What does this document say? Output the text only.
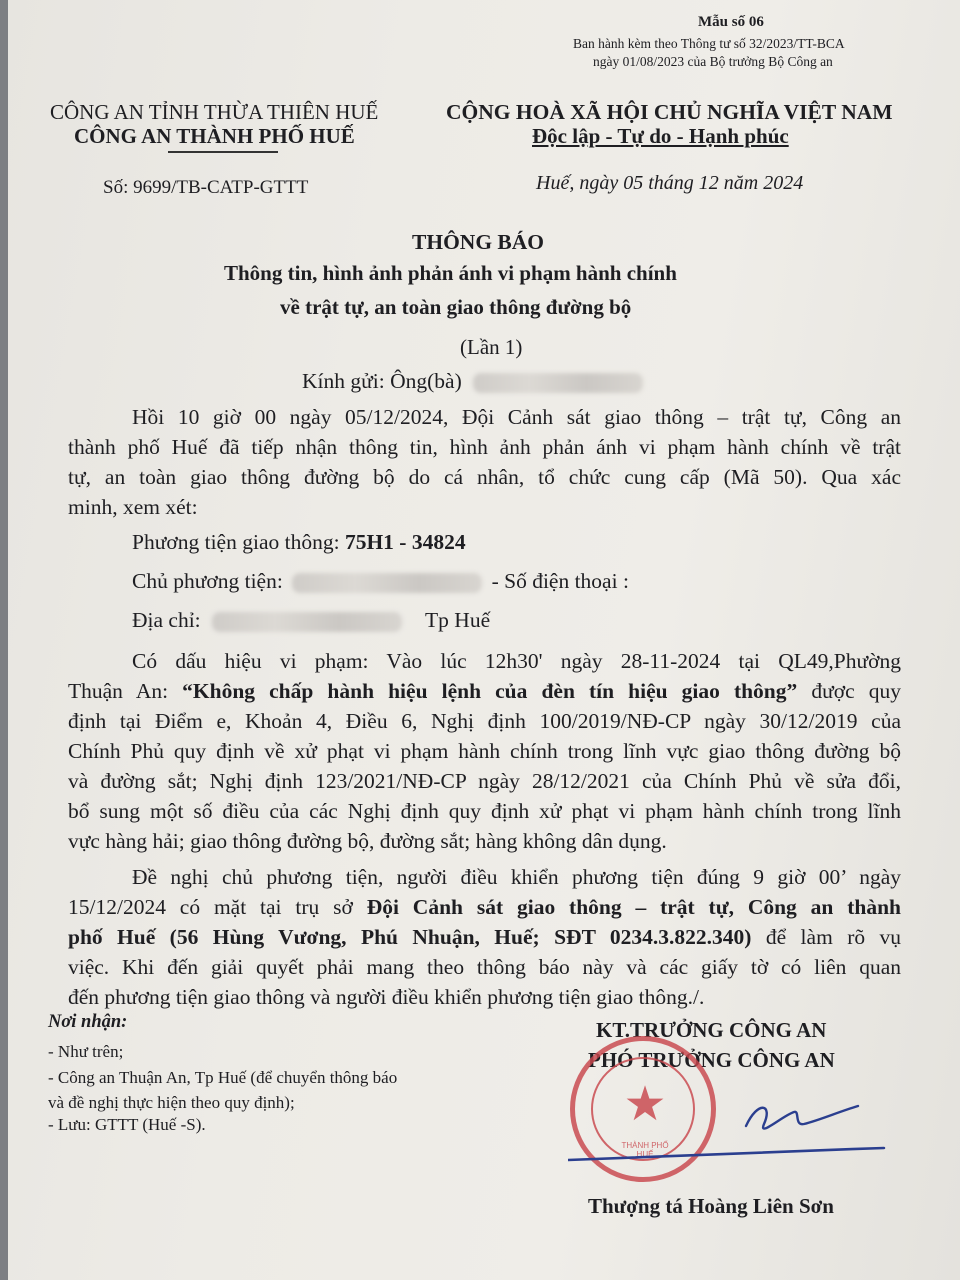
Mẫu số 06
Ban hành kèm theo Thông tư số 32/2023/TT-BCA
ngày 01/08/2023 của Bộ trưởng Bộ Công an
CÔNG AN TỈNH THỪA THIÊN HUẾ
CÔNG AN THÀNH PHỐ HUẾ
Số: 9699/TB-CATP-GTTT
CỘNG HOÀ XÃ HỘI CHỦ NGHĨA VIỆT NAM
Độc lập - Tự do - Hạnh phúc
Huế, ngày 05 tháng 12 năm 2024
THÔNG BÁO
Thông tin, hình ảnh phản ánh vi phạm hành chính
về trật tự, an toàn giao thông đường bộ
(Lần 1)
Kính gửi: Ông(bà)
Hồi 10 giờ 00 ngày 05/12/2024, Đội Cảnh sát giao thông – trật tự, Công an
thành phố Huế đã tiếp nhận thông tin, hình ảnh phản ánh vi phạm hành chính về trật
tự, an toàn giao thông đường bộ do cá nhân, tổ chức cung cấp (Mã 50). Qua xác
minh, xem xét:
Phương tiện giao thông: 75H1 - 34824
Chủ phương tiện:	- Số điện thoại :
Địa chỉ:	Tp Huế
Có dấu hiệu vi phạm: Vào lúc 12h30' ngày 28-11-2024 tại QL49,Phường
Thuận An: “Không chấp hành hiệu lệnh của đèn tín hiệu giao thông” được quy
định tại Điểm e, Khoản 4, Điều 6, Nghị định 100/2019/NĐ-CP ngày 30/12/2019 của
Chính Phủ quy định về xử phạt vi phạm hành chính trong lĩnh vực giao thông đường bộ
và đường sắt; Nghị định 123/2021/NĐ-CP ngày 28/12/2021 của Chính Phủ về sửa đổi,
bổ sung một số điều của các Nghị định quy định xử phạt vi phạm hành chính trong lĩnh
vực hàng hải; giao thông đường bộ, đường sắt; hàng không dân dụng.
Đề nghị chủ phương tiện, người điều khiển phương tiện đúng 9 giờ 00’ ngày
15/12/2024 có mặt tại trụ sở Đội Cảnh sát giao thông – trật tự, Công an thành
phố Huế (56 Hùng Vương, Phú Nhuận, Huế; SĐT 0234.3.822.340) để làm rõ vụ
việc. Khi đến giải quyết phải mang theo thông báo này và các giấy tờ có liên quan
đến phương tiện giao thông và người điều khiển phương tiện giao thông./.
Nơi nhận:
- Như trên;
- Công an Thuận An, Tp Huế (để chuyển thông báo
và đề nghị thực hiện theo quy định);
- Lưu: GTTT (Huế -S).
KT.TRƯỞNG CÔNG AN
PHÓ TRƯỞNG CÔNG AN
★
THÀNH PHỐ HUẾ
Thượng tá Hoàng Liên Sơn
